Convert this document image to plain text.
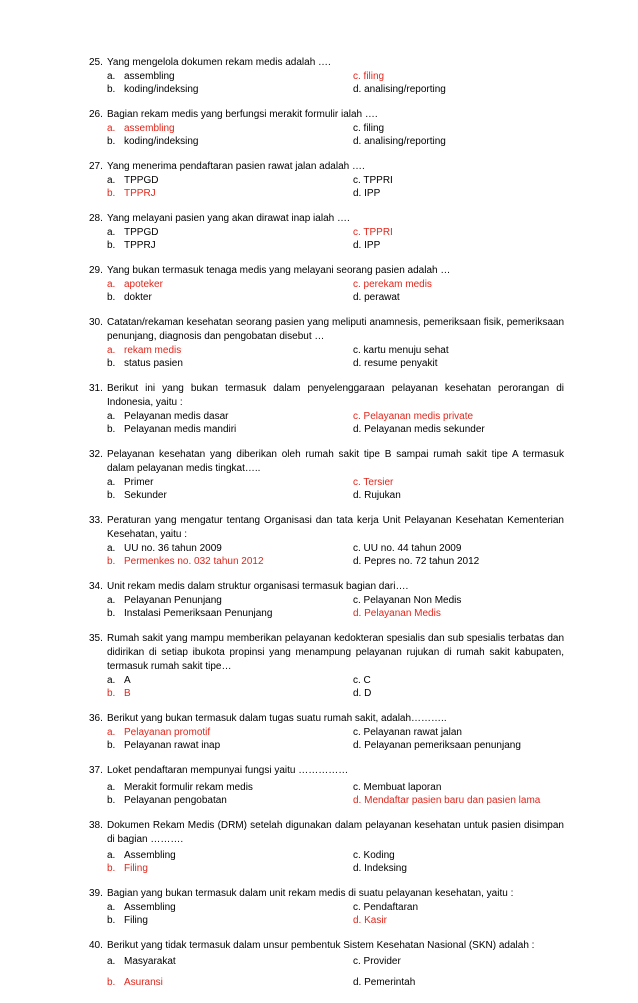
25. Yang mengelola dokumen rekam medis adalah ….
a. assembling	c. filing
b. koding/indeksing	d. analising/reporting
26. Bagian rekam medis yang berfungsi merakit formulir ialah ….
a. assembling	c. filing
b. koding/indeksing	d. analising/reporting
27. Yang menerima pendaftaran pasien rawat jalan adalah ….
a. TPPGD	c. TPPRI
b. TPPRJ	d. IPP
28. Yang melayani pasien yang akan dirawat inap ialah ….
a. TPPGD	c. TPPRI
b. TPPRJ	d. IPP
29. Yang bukan termasuk tenaga medis yang melayani seorang pasien adalah …
a. apoteker	c. perekam medis
b. dokter	d. perawat
30. Catatan/rekaman kesehatan seorang pasien yang meliputi anamnesis, pemeriksaan fisik, pemeriksaan penunjang, diagnosis dan pengobatan disebut …
a. rekam medis	c. kartu menuju sehat
b. status pasien	d. resume penyakit
31. Berikut ini yang bukan termasuk dalam penyelenggaraan pelayanan kesehatan perorangan di Indonesia, yaitu :
a. Pelayanan medis dasar	c. Pelayanan medis private
b. Pelayanan medis mandiri	d. Pelayanan medis sekunder
32. Pelayanan kesehatan yang diberikan oleh rumah sakit tipe B sampai rumah sakit tipe A termasuk dalam pelayanan medis tingkat…..
a. Primer	c. Tersier
b. Sekunder	d. Rujukan
33. Peraturan yang mengatur tentang Organisasi dan tata kerja Unit Pelayanan Kesehatan Kementerian Kesehatan, yaitu :
a. UU no. 36 tahun 2009	c. UU no. 44 tahun 2009
b. Permenkes no. 032 tahun 2012	d. Pepres no. 72 tahun 2012
34. Unit rekam medis dalam struktur organisasi termasuk bagian dari….
a. Pelayanan Penunjang	c. Pelayanan Non Medis
b. Instalasi Pemeriksaan Penunjang	d. Pelayanan Medis
35. Rumah sakit yang mampu memberikan pelayanan kedokteran spesialis dan sub spesialis terbatas dan didirikan di setiap ibukota propinsi yang menampung pelayanan rujukan di rumah sakit kabupaten, termasuk rumah sakit tipe…
a. A	c. C
b. B	d. D
36. Berikut yang bukan termasuk dalam tugas suatu rumah sakit, adalah………..
a. Pelayanan promotif	c. Pelayanan rawat jalan
b. Pelayanan rawat inap	d. Pelayanan pemeriksaan penunjang
37. Loket pendaftaran mempunyai fungsi yaitu ……………
a. Merakit formulir rekam medis	c. Membuat laporan
b. Pelayanan pengobatan	d. Mendaftar pasien baru dan pasien lama
38. Dokumen Rekam Medis (DRM) setelah digunakan dalam pelayanan kesehatan untuk pasien disimpan di bagian ……….
a. Assembling	c. Koding
b. Filing	d. Indeksing
39. Bagian yang bukan termasuk dalam unit rekam medis di suatu pelayanan kesehatan, yaitu :
a. Assembling	c. Pendaftaran
b. Filing	d. Kasir
40. Berikut yang tidak termasuk dalam unsur pembentuk Sistem Kesehatan Nasional (SKN) adalah :
a. Masyarakat	c. Provider
b. Asuransi	d. Pemerintah
